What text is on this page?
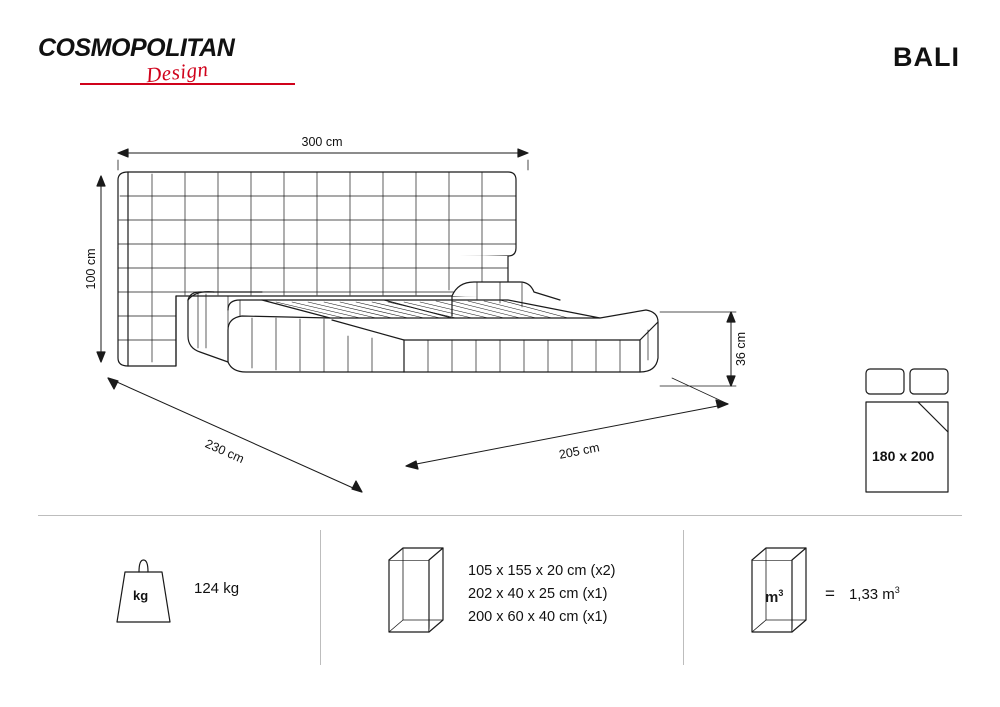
COSMOPOLITAN
Design	BALI
300 cm
100 cm
230 cm	205 cm
36 cm
180 x 200
kg	124 kg
105 x 155 x 20 cm (x2)
202 x 40 x 25 cm (x1)
200 x 60 x 40 cm (x1)
= 1,33 $m^3$
$m^3$
